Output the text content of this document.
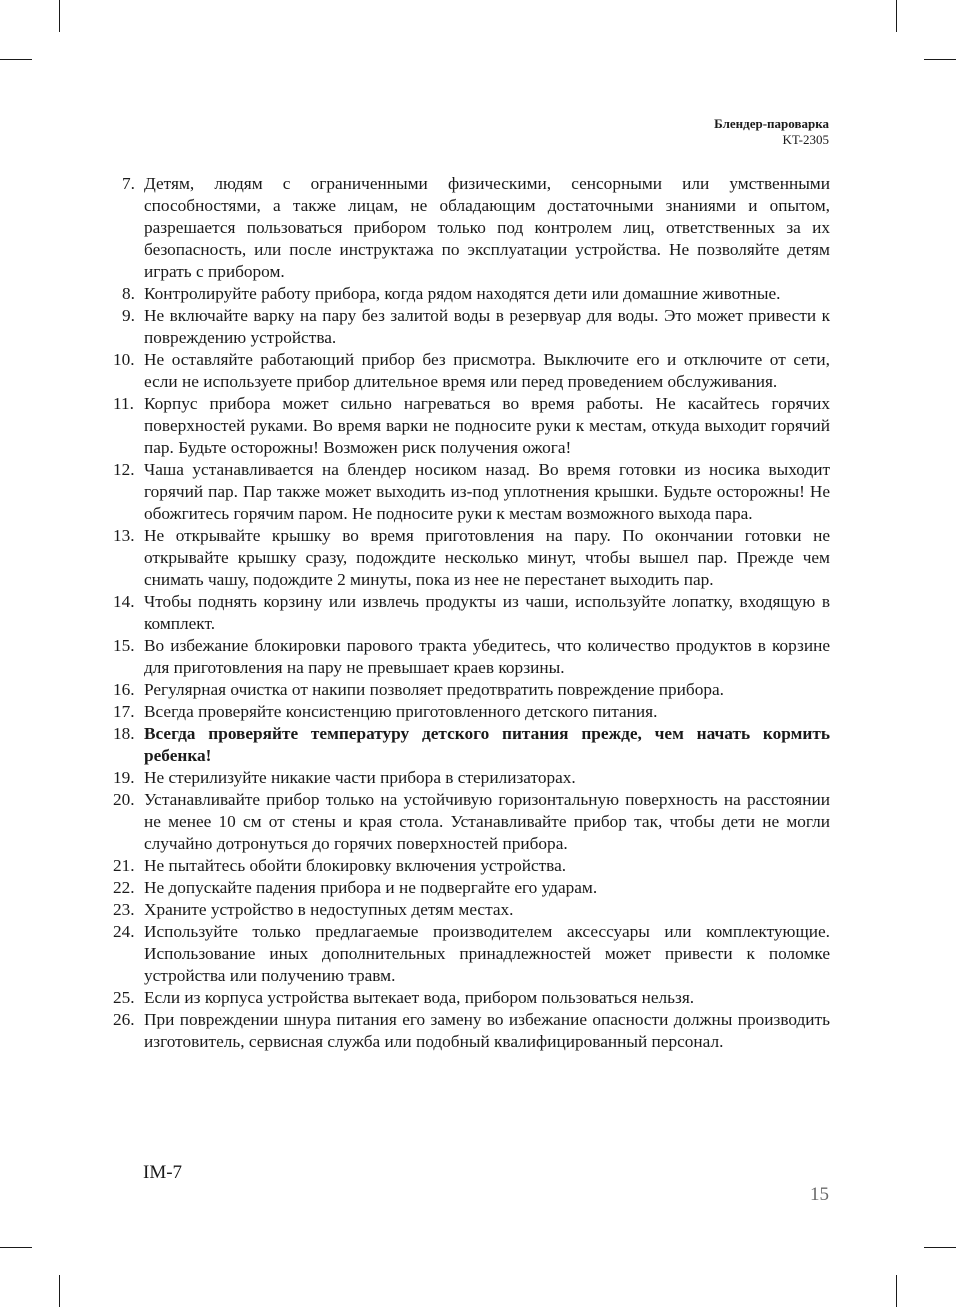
Блендер-пароварка
KT-2305
7. Детям, людям с ограниченными физическими, сенсорными или умственными способностями, а также лицам, не обладающим достаточными знаниями и опытом, разрешается пользоваться прибором только под контролем лиц, ответственных за их безопасность, или после инструктажа по эксплуатации устройства. Не позволяйте детям играть с прибором.
8. Контролируйте работу прибора, когда рядом находятся дети или домашние животные.
9. Не включайте варку на пару без залитой воды в резервуар для воды. Это может привести к повреждению устройства.
10. Не оставляйте работающий прибор без присмотра. Выключите его и отключите от сети, если не используете прибор длительное время или перед проведением обслуживания.
11. Корпус прибора может сильно нагреваться во время работы. Не касайтесь горячих поверхностей руками. Во время варки не подносите руки к местам, откуда выходит горячий пар. Будьте осторожны! Возможен риск получения ожога!
12. Чаша устанавливается на блендер носиком назад. Во время готовки из носика выходит горячий пар. Пар также может выходить из-под уплотнения крышки. Будьте осторожны! Не обожгитесь горячим паром. Не подносите руки к местам возможного выхода пара.
13. Не открывайте крышку во время приготовления на пару. По окончании готовки не открывайте крышку сразу, подождите несколько минут, чтобы вышел пар. Прежде чем снимать чашу, подождите 2 минуты, пока из нее не перестанет выходить пар.
14. Чтобы поднять корзину или извлечь продукты из чаши, используйте лопатку, входящую в комплект.
15. Во избежание блокировки парового тракта убедитесь, что количество продуктов в корзине для приготовления на пару не превышает краев корзины.
16. Регулярная очистка от накипи позволяет предотвратить повреждение прибора.
17. Всегда проверяйте консистенцию приготовленного детского питания.
18. Всегда проверяйте температуру детского питания прежде, чем начать кормить ребенка!
19. Не стерилизуйте никакие части прибора в стерилизаторах.
20. Устанавливайте прибор только на устойчивую горизонтальную поверхность на расстоянии не менее 10 см от стены и края стола. Устанавливайте прибор так, чтобы дети не могли случайно дотронуться до горячих поверхностей прибора.
21. Не пытайтесь обойти блокировку включения устройства.
22. Не допускайте падения прибора и не подвергайте его ударам.
23. Храните устройство в недоступных детям местах.
24. Используйте только предлагаемые производителем аксессуары или комплектующие. Использование иных дополнительных принадлежностей может привести к поломке устройства или получению травм.
25. Если из корпуса устройства вытекает вода, прибором пользоваться нельзя.
26. При повреждении шнура питания его замену во избежание опасности должны производить изготовитель, сервисная служба или подобный квалифицированный персонал.
IM-7
15
